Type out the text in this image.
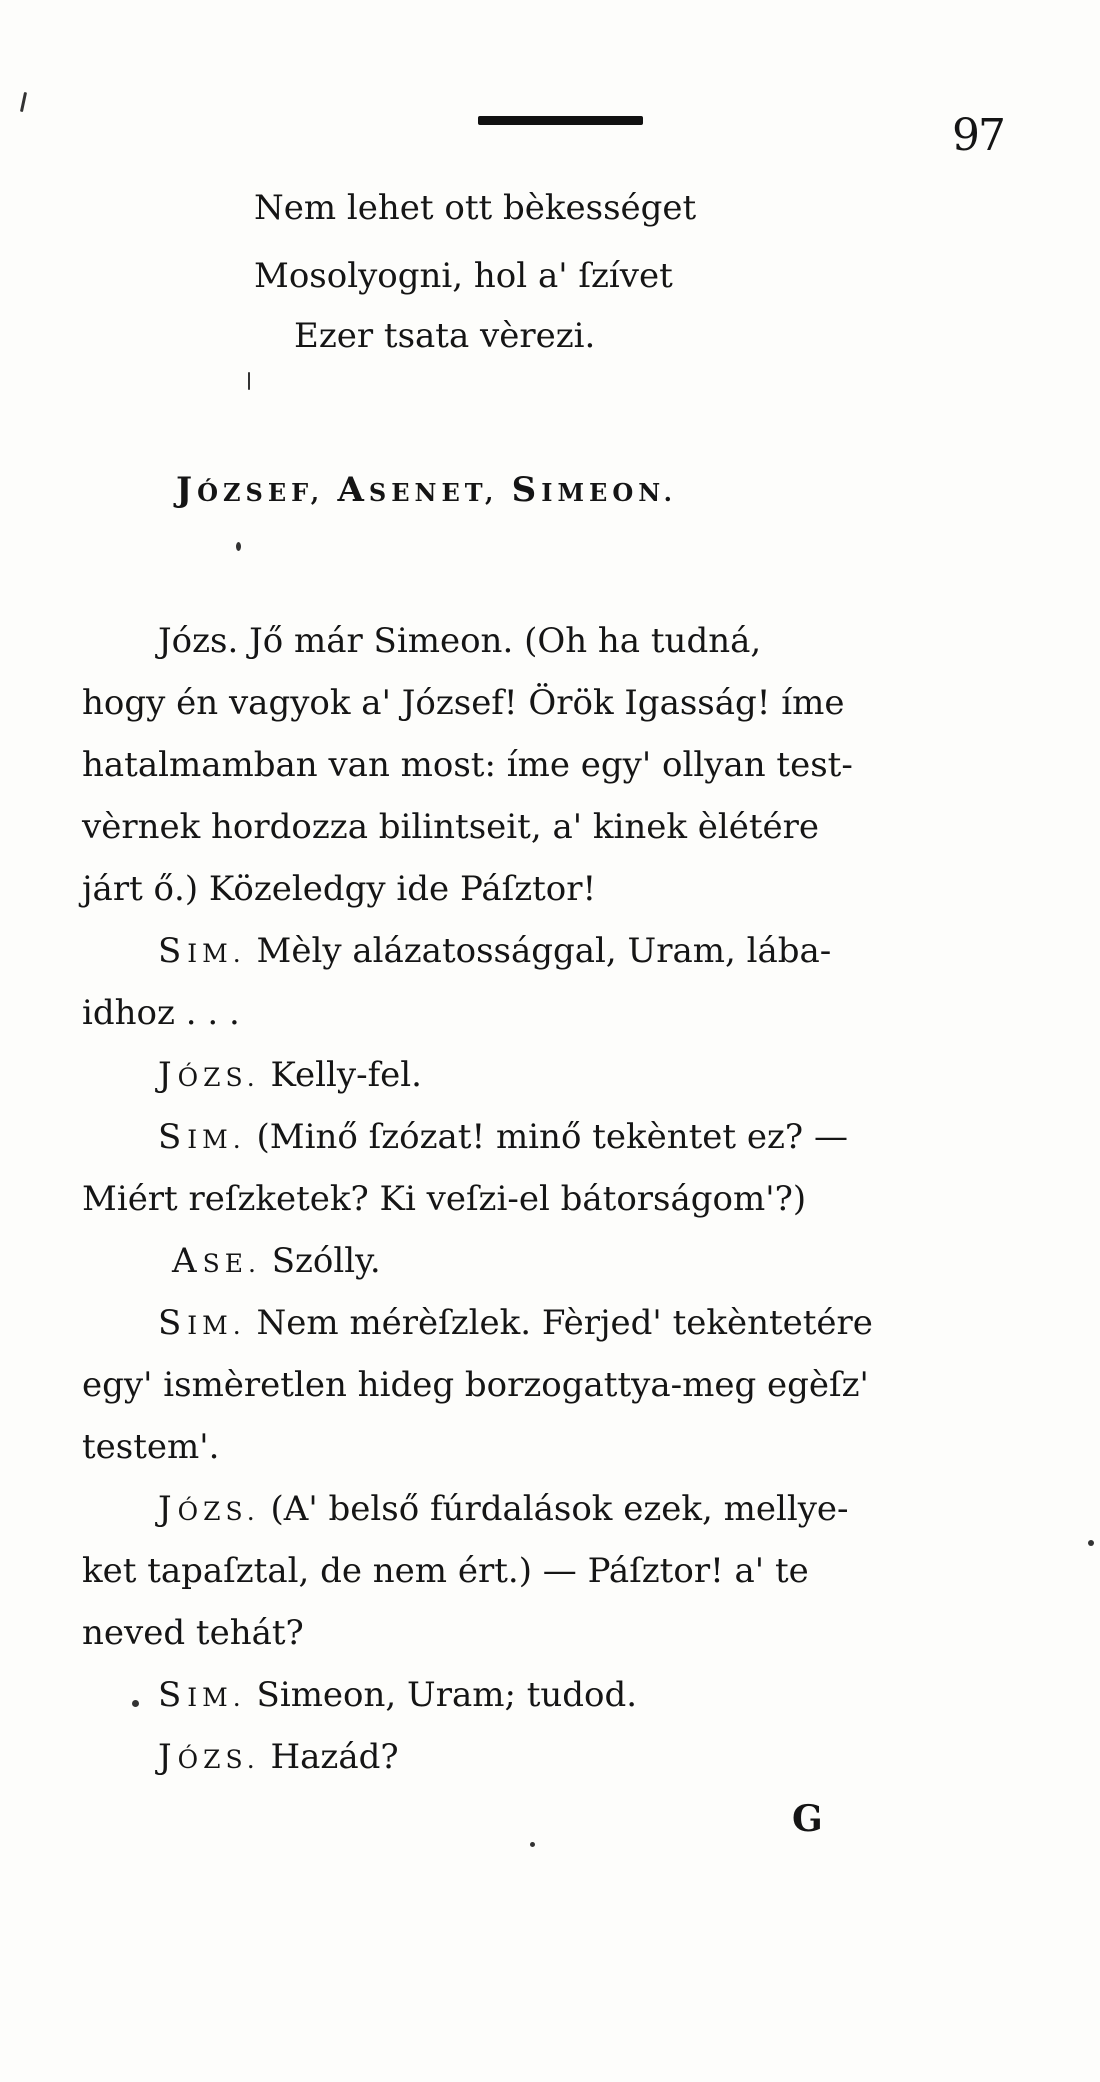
97
Nem lehet ott bèkességet
Mosolyogni, hol a' ſzívet
Ezer tsata vèrezi.
JÓZSEF, ASENET, SIMEON.
Józs. Jő már Simeon. (Oh ha tudná,
hogy én vagyok a' József! Örök Igasság! íme
hatalmamban van most: íme egy' ollyan test-
vèrnek hordozza bilintseit, a' kinek èlétére
járt ő.) Közeledgy ide Páſztor!
SIM. Mèly alázatossággal, Uram, lába-
idhoz . . .
JÓZS. Kelly-fel.
SIM. (Minő ſzózat! minő tekèntet ez? —
Miért reſzketek? Ki veſzi-el bátorságom'?)
ASE. Szólly.
SIM. Nem mérèſzlek. Fèrjed' tekèntetére
egy' ismèretlen hideg borzogattya-meg egèſz'
testem'.
JÓZS. (A' belső fúrdalások ezek, mellye-
ket tapaſztal, de nem ért.) — Páſztor! a' te
neved tehát?
SIM. Simeon, Uram; tudod.
JÓZS. Hazád?
G
